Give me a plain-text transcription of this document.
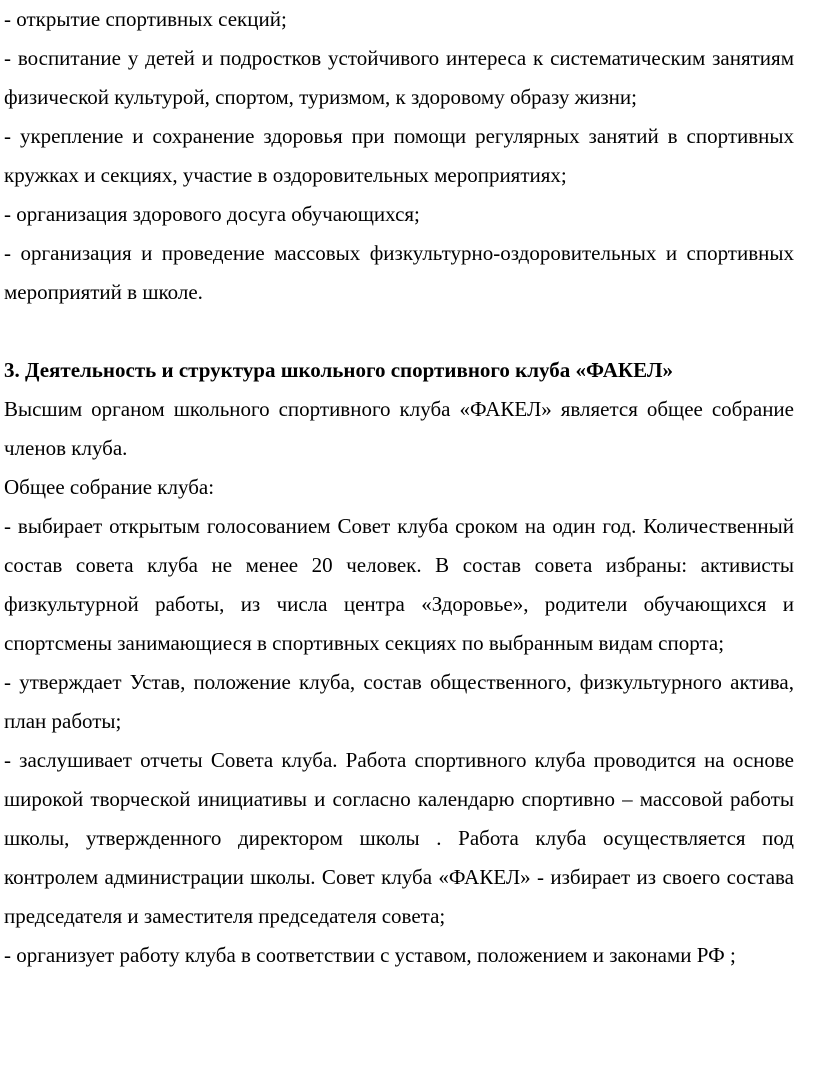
- открытие спортивных секций;

- воспитание у детей и подростков устойчивого интереса к систематическим занятиям физической культурой, спортом, туризмом, к здоровому образу жизни;

- укрепление и сохранение здоровья при помощи регулярных занятий в спортивных кружках и секциях, участие в оздоровительных мероприятиях;

- организация здорового досуга обучающихся;

- организация и проведение массовых физкультурно-оздоровительных и спортивных мероприятий в школе.

3. Деятельность и структура школьного спортивного клуба «ФАКЕЛ»

Высшим органом школьного спортивного клуба «ФАКЕЛ» является общее собрание членов клуба.

Общее собрание клуба:

- выбирает открытым голосованием Совет клуба сроком на один год. Количественный состав совета клуба не менее 20 человек. В состав совета избраны: активисты физкультурной работы, из числа центра «Здоровье», родители обучающихся и спортсмены занимающиеся в спортивных секциях по выбранным видам спорта;

- утверждает Устав, положение клуба, состав общественного, физкультурного актива, план работы;

- заслушивает отчеты Совета клуба. Работа спортивного клуба проводится на основе широкой творческой инициативы и согласно календарю спортивно – массовой работы школы, утвержденного директором школы . Работа клуба осуществляется под контролем администрации школы. Совет клуба «ФАКЕЛ» - избирает из своего состава председателя и заместителя председателя совета;

- организует работу клуба в соответствии с уставом, положением и законами РФ ;
